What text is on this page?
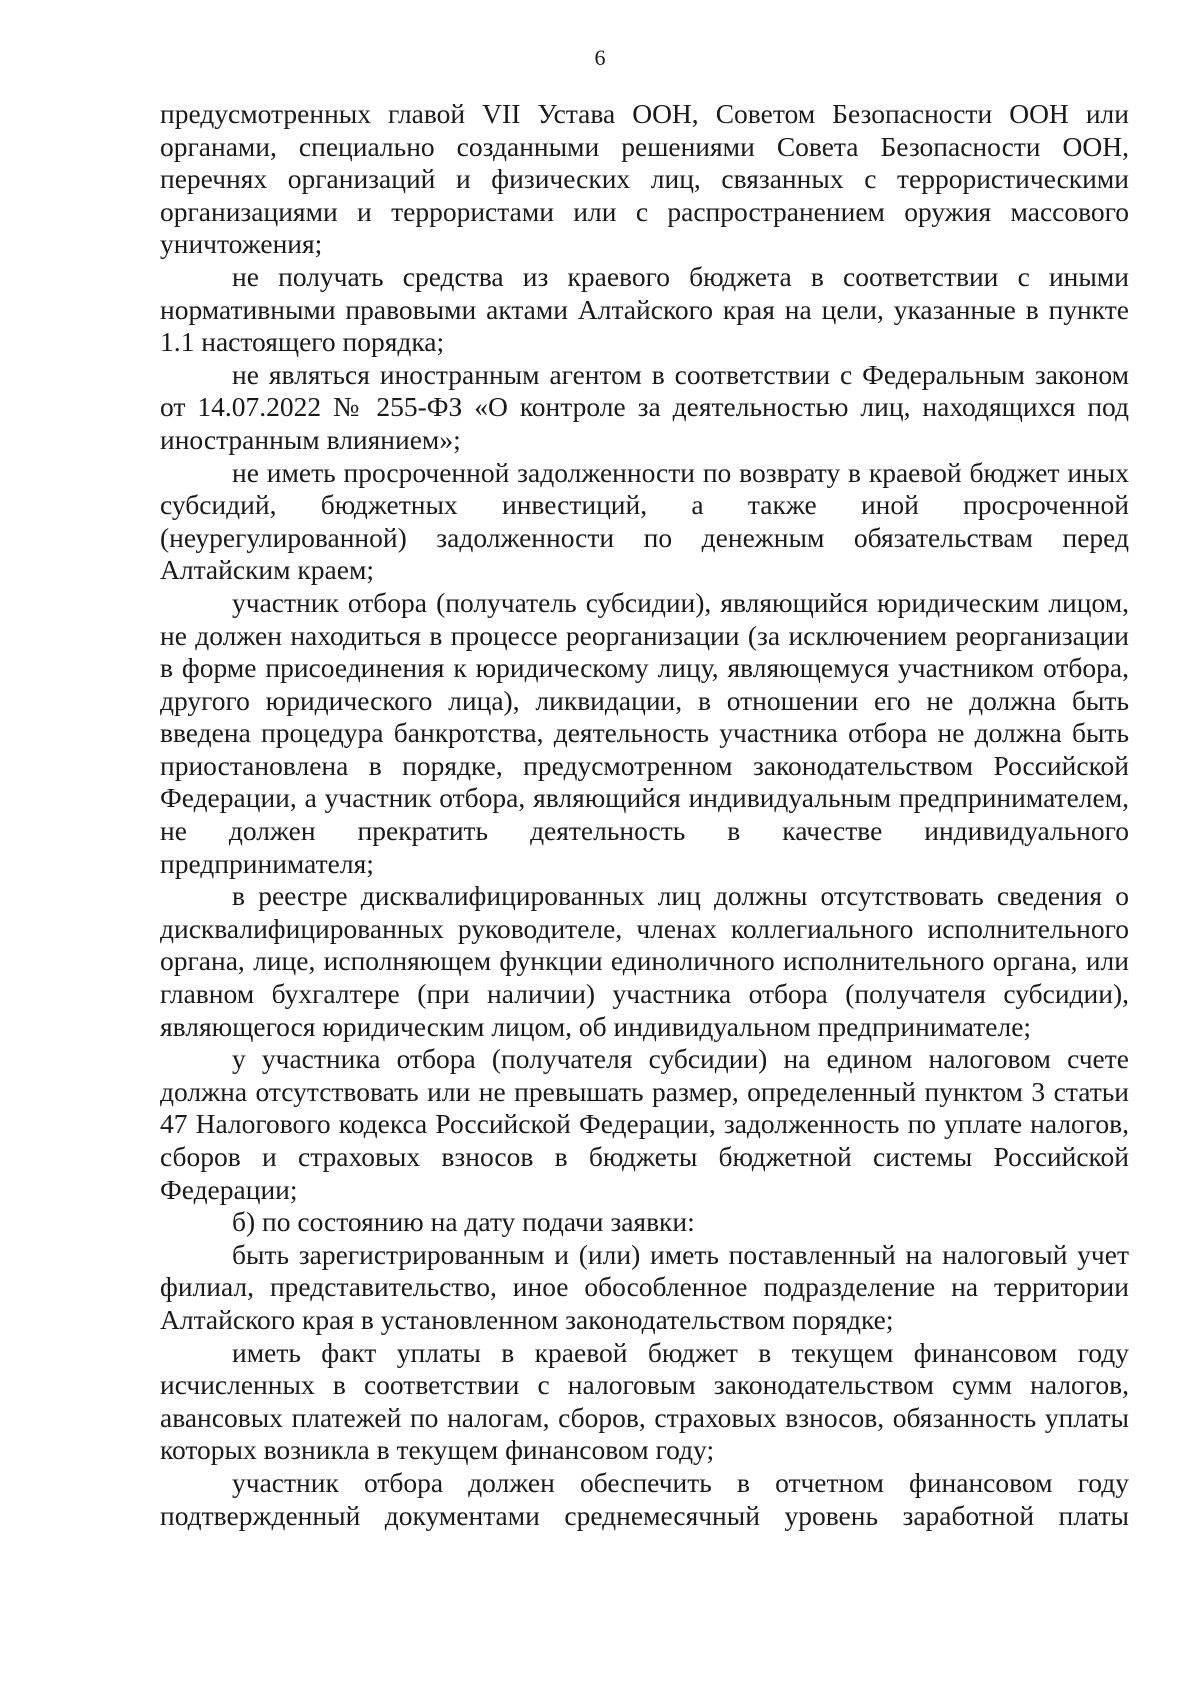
6

предусмотренных главой VII Устава ООН, Советом Безопасности ООН или органами, специально созданными решениями Совета Безопасности ООН, перечнях организаций и физических лиц, связанных с террористическими организациями и террористами или с распространением оружия массового уничтожения;

не получать средства из краевого бюджета в соответствии с иными нормативными правовыми актами Алтайского края на цели, указанные в пункте 1.1 настоящего порядка;

не являться иностранным агентом в соответствии с Федеральным законом от 14.07.2022 № 255-ФЗ «О контроле за деятельностью лиц, находящихся под иностранным влиянием»;

не иметь просроченной задолженности по возврату в краевой бюджет иных субсидий, бюджетных инвестиций, а также иной просроченной (неурегулированной) задолженности по денежным обязательствам перед Алтайским краем;

участник отбора (получатель субсидии), являющийся юридическим лицом, не должен находиться в процессе реорганизации (за исключением реорганизации в форме присоединения к юридическому лицу, являющемуся участником отбора, другого юридического лица), ликвидации, в отношении его не должна быть введена процедура банкротства, деятельность участника отбора не должна быть приостановлена в порядке, предусмотренном законодательством Российской Федерации, а участник отбора, являющийся индивидуальным предпринимателем, не должен прекратить деятельность в качестве индивидуального предпринимателя;

в реестре дисквалифицированных лиц должны отсутствовать сведения о дисквалифицированных руководителе, членах коллегиального исполнительного органа, лице, исполняющем функции единоличного исполнительного органа, или главном бухгалтере (при наличии) участника отбора (получателя субсидии), являющегося юридическим лицом, об индивидуальном предпринимателе;

у участника отбора (получателя субсидии) на едином налоговом счете должна отсутствовать или не превышать размер, определенный пунктом 3 статьи 47 Налогового кодекса Российской Федерации, задолженность по уплате налогов, сборов и страховых взносов в бюджеты бюджетной системы Российской Федерации;

б) по состоянию на дату подачи заявки:

быть зарегистрированным и (или) иметь поставленный на налоговый учет филиал, представительство, иное обособленное подразделение на территории Алтайского края в установленном законодательством порядке;

иметь факт уплаты в краевой бюджет в текущем финансовом году исчисленных в соответствии с налоговым законодательством сумм налогов, авансовых платежей по налогам, сборов, страховых взносов, обязанность уплаты которых возникла в текущем финансовом году;

участник отбора должен обеспечить в отчетном финансовом году подтвержденный документами среднемесячный уровень заработной платы
